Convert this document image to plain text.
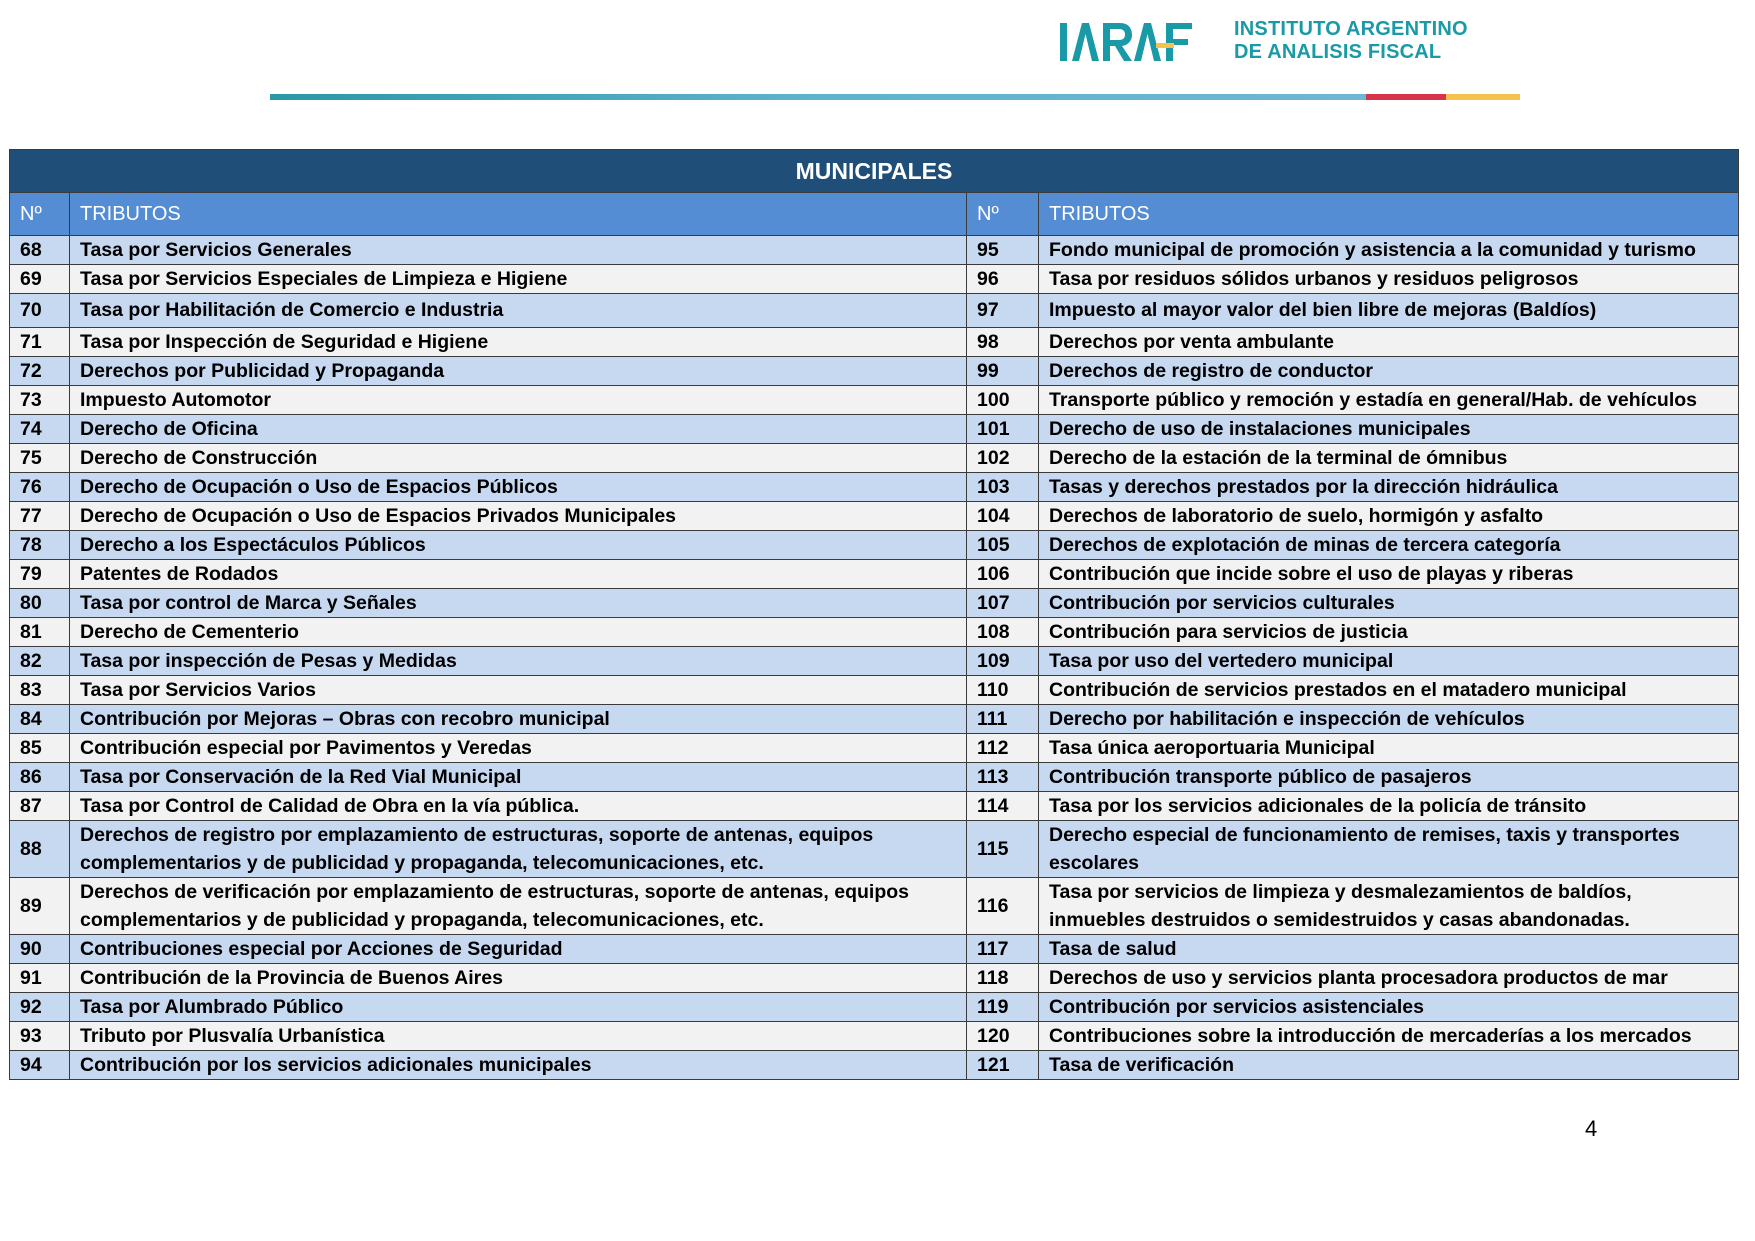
INSTITUTO ARGENTINO
DE ANALISIS FISCAL
MUNICIPALES			
Nº	TRIBUTOS	Nº	TRIBUTOS
68	Tasa por Servicios Generales	95	Fondo municipal de promoción y asistencia a la comunidad y turismo
69	Tasa por Servicios Especiales de Limpieza e Higiene	96	Tasa por residuos sólidos urbanos y residuos peligrosos
70	Tasa por Habilitación de Comercio e Industria	97	Impuesto al mayor valor del bien libre de mejoras (Baldíos)
71	Tasa por Inspección de Seguridad e Higiene	98	Derechos por venta ambulante
72	Derechos por Publicidad y Propaganda	99	Derechos de registro de conductor
73	Impuesto Automotor	100	Transporte público y remoción y estadía en general/Hab. de vehículos
74	Derecho de Oficina	101	Derecho de uso de instalaciones municipales
75	Derecho de Construcción	102	Derecho de la estación de la terminal de ómnibus
76	Derecho de Ocupación o Uso de Espacios Públicos	103	Tasas y derechos prestados por la dirección hidráulica
77	Derecho de Ocupación o Uso de Espacios Privados Municipales	104	Derechos de laboratorio de suelo, hormigón y asfalto
78	Derecho a los Espectáculos Públicos	105	Derechos de explotación de minas de tercera categoría
79	Patentes de Rodados	106	Contribución que incide sobre el uso de playas y riberas
80	Tasa por control de Marca y Señales	107	Contribución por servicios culturales
81	Derecho de Cementerio	108	Contribución para servicios de justicia
82	Tasa por inspección de Pesas y Medidas	109	Tasa por uso del vertedero municipal
83	Tasa por Servicios Varios	110	Contribución de servicios prestados en el matadero municipal
84	Contribución por Mejoras – Obras con recobro municipal	111	Derecho por habilitación e inspección de vehículos
85	Contribución especial por Pavimentos y Veredas	112	Tasa única aeroportuaria Municipal
86	Tasa por Conservación de la Red Vial Municipal	113	Contribución transporte público de pasajeros
87	Tasa por Control de Calidad de Obra en la vía pública.	114	Tasa por los servicios adicionales de la policía de tránsito
88	Derechos de registro por emplazamiento de estructuras, soporte de antenas, equipos complementarios y de publicidad y propaganda, telecomunicaciones, etc.	115	Derecho especial de funcionamiento de remises, taxis y transportes escolares
89	Derechos de verificación por emplazamiento de estructuras, soporte de antenas, equipos complementarios y de publicidad y propaganda, telecomunicaciones, etc.	116	Tasa por servicios de limpieza y desmalezamientos de baldíos, inmuebles destruidos o semidestruidos y casas abandonadas.
90	Contribuciones especial por Acciones de Seguridad	117	Tasa de salud
91	Contribución de la Provincia de Buenos Aires	118	Derechos de uso y servicios planta procesadora productos de mar
92	Tasa por Alumbrado Público	119	Contribución por servicios asistenciales
93	Tributo por Plusvalía Urbanística	120	Contribuciones sobre la introducción de mercaderías a los mercados
94	Contribución por los servicios adicionales municipales	121	Tasa de verificación
4
